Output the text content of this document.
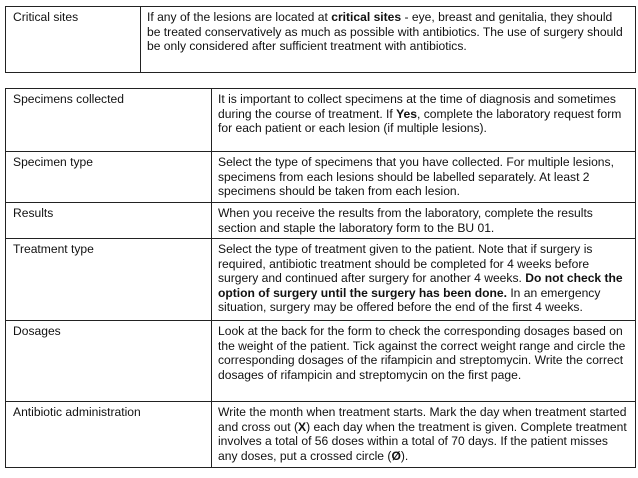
Critical sites	If any of the lesions are located at critical sites - eye, breast and genitalia, they should be treated conservatively as much as possible with antibiotics. The use of surgery should be only considered after sufficient treatment with antibiotics.
Specimens collected	It is important to collect specimens at the time of diagnosis and sometimes during the course of treatment. If Yes, complete the laboratory request form for each patient or each lesion (if multiple lesions).
Specimen type	Select the type of specimens that you have collected. For multiple lesions, specimens from each lesions should be labelled separately. At least 2 specimens should be taken from each lesion.
Results	When you receive the results from the laboratory, complete the results section and staple the laboratory form to the BU 01.
Treatment type	Select the type of treatment given to the patient. Note that if surgery is required, antibiotic treatment should be completed for 4 weeks before surgery and continued after surgery for another 4 weeks. Do not check the option of surgery until the surgery has been done. In an emergency situation, surgery may be offered before the end of the first 4 weeks.
Dosages	Look at the back for the form to check the corresponding dosages based on the weight of the patient. Tick against the correct weight range and circle the corresponding dosages of the rifampicin and streptomycin. Write the correct dosages of rifampicin and streptomycin on the first page.
Antibiotic administration	Write the month when treatment starts. Mark the day when treatment started and cross out (X) each day when the treatment is given. Complete treatment involves a total of 56 doses within a total of 70 days. If the patient misses any doses, put a crossed circle (Ø).
